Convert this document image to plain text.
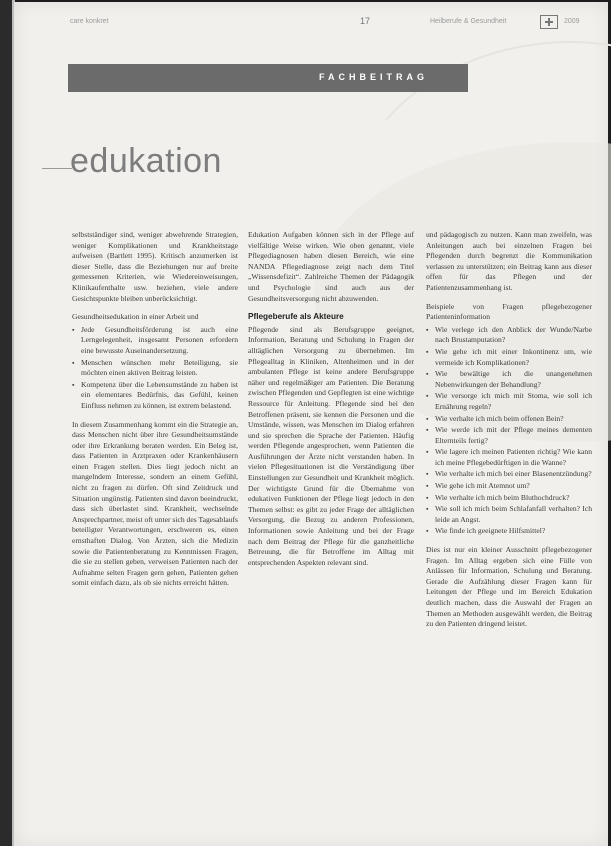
care konkret	17	Heilberufe & Gesundheit	2009
FACHBEITRAG
edukation

selbstständiger sind, weniger abwehrende Strategien, weniger Komplikationen und Krankheitstage aufweisen (Bartlett 1995). Kritisch anzumerken ist dieser Stelle, dass die Beziehungen nur auf breite gemessenen Kriterien, wie Wiedereinweisungen, Klinikaufenthalte usw. beziehen, viele andere Gesichtspunkte bleiben unberücksichtigt.

Gesundheitsedukation in einer Arbeit und

▪ Jede Gesundheitsförderung ist auch eine Lerngelegenheit, insgesamt Personen erfordern eine bewusste Auseinandersetzung.
▪ Menschen wünschen mehr Beteiligung, sie möchten einen aktiven Beitrag leisten.
▪ Kompetenz über die Lebensumstände zu haben ist ein elementares Bedürfnis, das Gefühl, keinen Einfluss nehmen zu können, ist extrem belastend.

In diesem Zusammenhang kommt ein die Strategie an, dass Menschen nicht über ihre Gesundheitsumstände oder ihre Erkrankung beraten werden. Ein Beleg ist, dass Patienten in Arztpraxen oder Krankenhäusern einen Fragen stellen. Dies liegt jedoch nicht an mangelndem Interesse, sondern an einem Gefühl, nicht zu fragen zu dürfen. Oft sind Zeitdruck und Situation ungünstig. Patienten sind davon beeindruckt, dass sich überlastet sind. Krankheit, wechselnde Ansprechpartner, meist oft unter sich des Tagesablaufs beteiligter Verantwortungen, erschweren es, einen ernsthaften Dialog. Von Ärzten, sich die Medizin sowie die Patientenberatung zu Kenntnissen Fragen, die sie zu stellen geben, verweisen Patienten nach der Aufnahme selten Fragen gern gehen, Patienten gehen somit einfach dazu, als ob sie nichts erreicht hätten.

Edukation Aufgaben können sich in der Pflege auf vielfältige Weise wirken. Wie oben genannt, viele Pflegediagnosen haben diesen Bereich, wie eine NANDA Pflegediagnose zeigt nach dem Titel „Wissensdefizit“. Zahlreiche Themen der Pädagogik und Psychologie sind auch aus der Gesundheitsversorgung nicht abzuwenden.

Pflegeberufe als Akteure

Pflegende sind als Berufsgruppe geeignet, Information, Beratung und Schulung in Fragen der alltäglichen Versorgung zu übernehmen. Im Pflegealltag in Kliniken, Altenheimen und in der ambulanten Pflege ist keine andere Berufsgruppe näher und regelmäßiger am Patienten. Die Beratung zwischen Pflegenden und Gepflegten ist eine wichtige Ressource für Anleitung. Pflegende sind bei den Betroffenen präsent, sie kennen die Personen und die Umstände, wissen, was Menschen im Dialog erfahren und sie sprechen die Sprache der Patienten. Häufig werden Pflegende angesprochen, wenn Patienten die Ausführungen der Ärzte nicht verstanden haben. In vielen Pflegesituationen ist die Verständigung über Einstellungen zur Gesundheit und Krankheit möglich. Der wichtigste Grund für die Übernahme von edukativen Funktionen der Pflege liegt jedoch in den Themen selbst: es gibt zu jeder Frage der alltäglichen Versorgung, die Bezug zu anderen Professionen, Informationen sowie Anleitung und bei der Frage nach dem Beitrag der Pflege für die ganzheitliche Betreuung, die für Betroffene im Alltag mit entsprechenden Aspekten relevant sind.

und pädagogisch zu nutzen. Kann man zweifeln, was Anleitungen auch bei einzelnen Fragen bei Pflegenden durch begrenzt die Kommunikation verlassen zu unterstützen; ein Beitrag kann aus dieser offen für das Pflegen und der Patientenzusammenhang ist.

Beispiele von Fragen pflegebezogener Patienteninformation

▪ Wie verlege ich den Anblick der Wunde/Narbe nach Brustamputation?
▪ Wie gehe ich mit einer Inkontinenz um, wie vermeide ich Komplikationen?
▪ Wie bewältige ich die unangenehmen Nebenwirkungen der Behandlung?
▪ Wie versorge ich mich mit Stoma, wie soll ich Ernährung regeln?
▪ Wie verhalte ich mich beim offenen Bein?
▪ Wie werde ich mit der Pflege meines dementen Elternteils fertig?
▪ Wie lagere ich meinen Patienten richtig? Wie kann ich meine Pflegebedürftigen in die Wanne?
▪ Wie verhalte ich mich bei einer Blasenentzündung?
▪ Wie gehe ich mit Atemnot um?
▪ Wie verhalte ich mich beim Bluthochdruck?
▪ Wie soll ich mich beim Schlafanfall verhalten? Ich leide an Angst.
▪ Wie finde ich geeignete Hilfsmittel?

Dies ist nur ein kleiner Ausschnitt pflegebezogener Fragen. Im Alltag ergeben sich eine Fülle von Anlässen für Information, Schulung und Beratung. Gerade die Aufzählung dieser Fragen kann für Leitungen der Pflege und im Bereich Edukation deutlich machen, dass die Auswahl der Fragen an Themen an Methoden ausgewählt werden, die Beitrag zu den Patienten dringend leistet.
